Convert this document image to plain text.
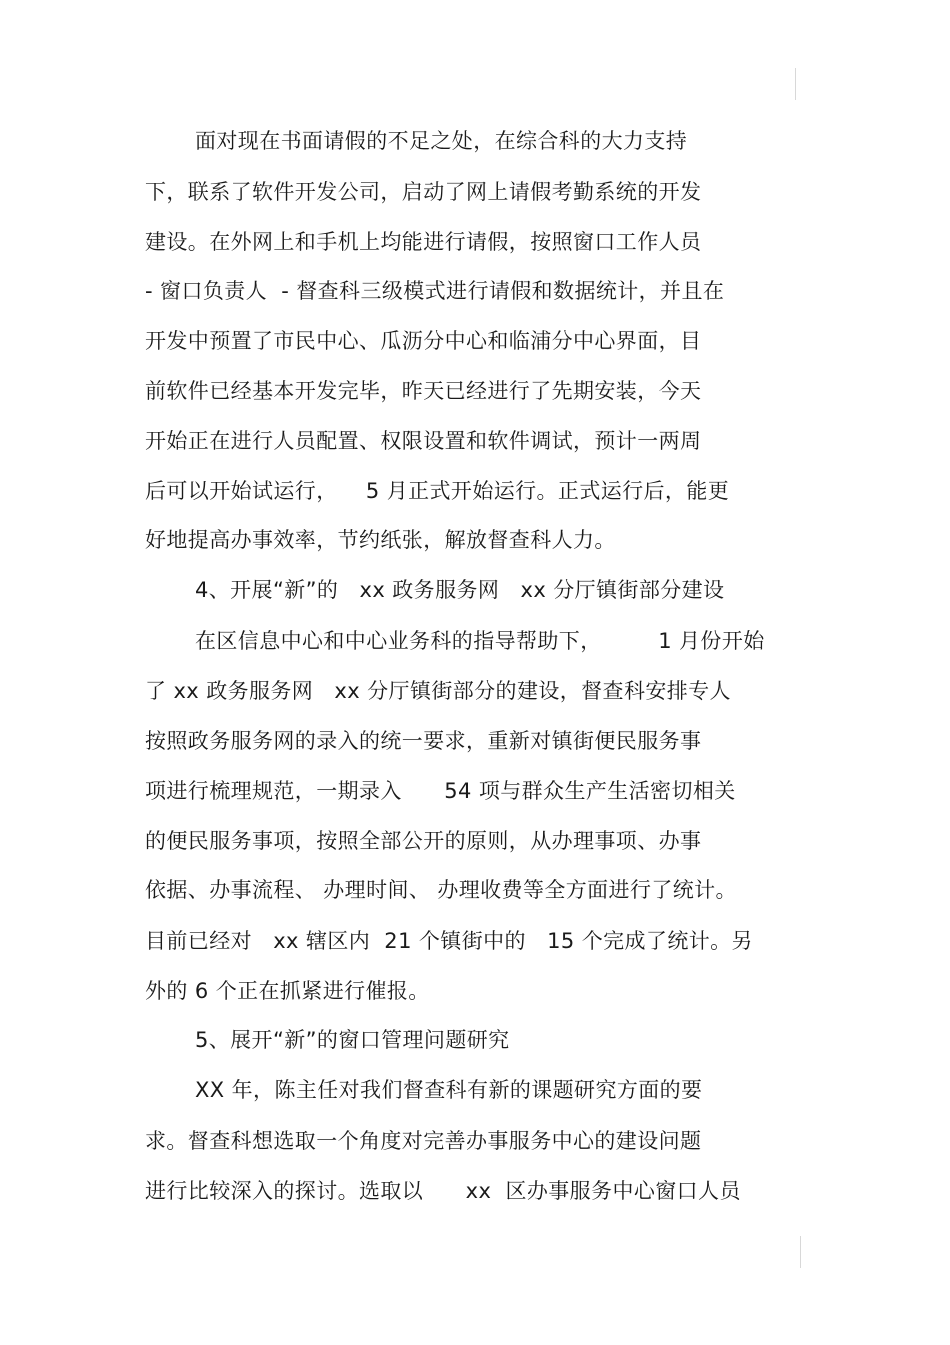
面对现在书面请假的不足之处，在综合科的大力支持
下，联系了软件开发公司，启动了网上请假考勤系统的开发
建设。在外网上和手机上均能进行请假，按照窗口工作人员
- 窗口负责人  - 督查科三级模式进行请假和数据统计，并且在
开发中预置了市民中心、瓜沥分中心和临浦分中心界面，目
前软件已经基本开发完毕，昨天已经进行了先期安装，今天
开始正在进行人员配置、权限设置和软件调试，预计一两周
后可以开始试运行，    5 月正式开始运行。正式运行后，能更
好地提高办事效率，节约纸张，解放督查科人力。
4、开展“新”的   xx 政务服务网   xx 分厅镇街部分建设
在区信息中心和中心业务科的指导帮助下，        1 月份开始
了 xx 政务服务网   xx 分厅镇街部分的建设，督查科安排专人
按照政务服务网的录入的统一要求，重新对镇街便民服务事
项进行梳理规范，一期录入      54 项与群众生产生活密切相关
的便民服务事项，按照全部公开的原则，从办理事项、办事
依据、办事流程、 办理时间、 办理收费等全方面进行了统计。
目前已经对   xx 辖区内  21 个镇街中的   15 个完成了统计。另
外的 6 个正在抓紧进行催报。
5、展开“新”的窗口管理问题研究
XX 年，陈主任对我们督查科有新的课题研究方面的要
求。督查科想选取一个角度对完善办事服务中心的建设问题
进行比较深入的探讨。选取以      xx  区办事服务中心窗口人员
